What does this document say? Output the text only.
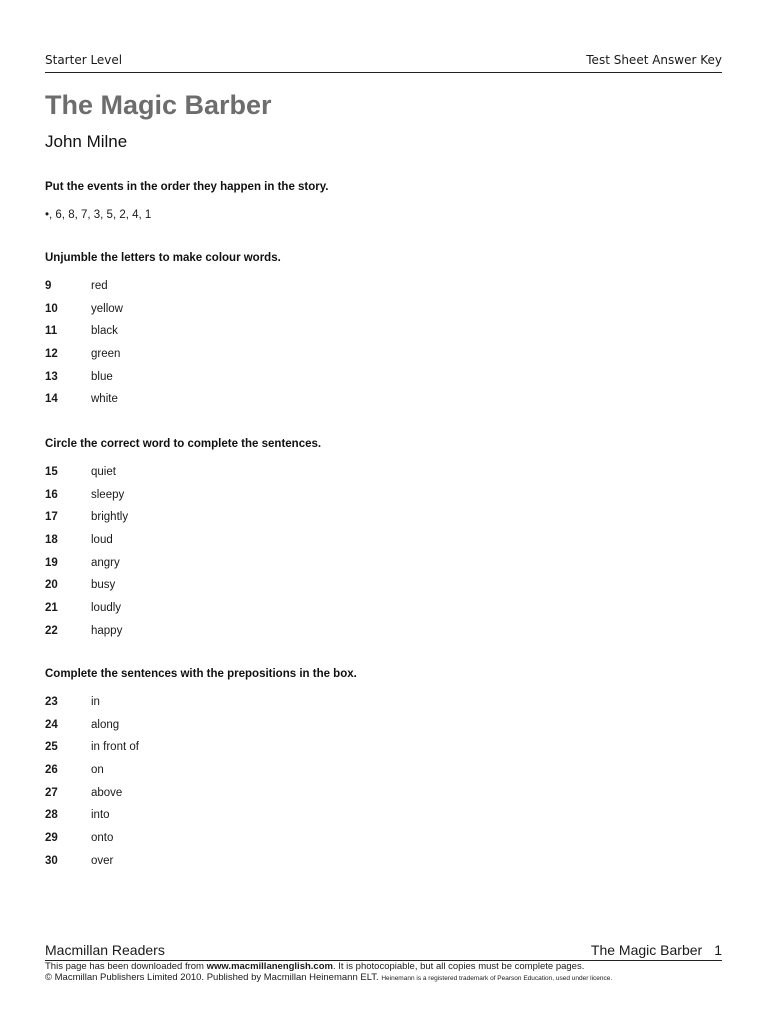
Starter Level	Test Sheet Answer Key
The Magic Barber
John Milne
Put the events in the order they happen in the story.
•, 6, 8, 7, 3, 5, 2, 4, 1
Unjumble the letters to make colour words.
9	red
10	yellow
11	black
12	green
13	blue
14	white
Circle the correct word to complete the sentences.
15	quiet
16	sleepy
17	brightly
18	loud
19	angry
20	busy
21	loudly
22	happy
Complete the sentences with the prepositions in the box.
23	in
24	along
25	in front of
26	on
27	above
28	into
29	onto
30	over
Macmillan Readers	The Magic Barber 1
This page has been downloaded from www.macmillanenglish.com. It is photocopiable, but all copies must be complete pages.
© Macmillan Publishers Limited 2010. Published by Macmillan Heinemann ELT. Heinemann is a registered trademark of Pearson Education, used under licence.
